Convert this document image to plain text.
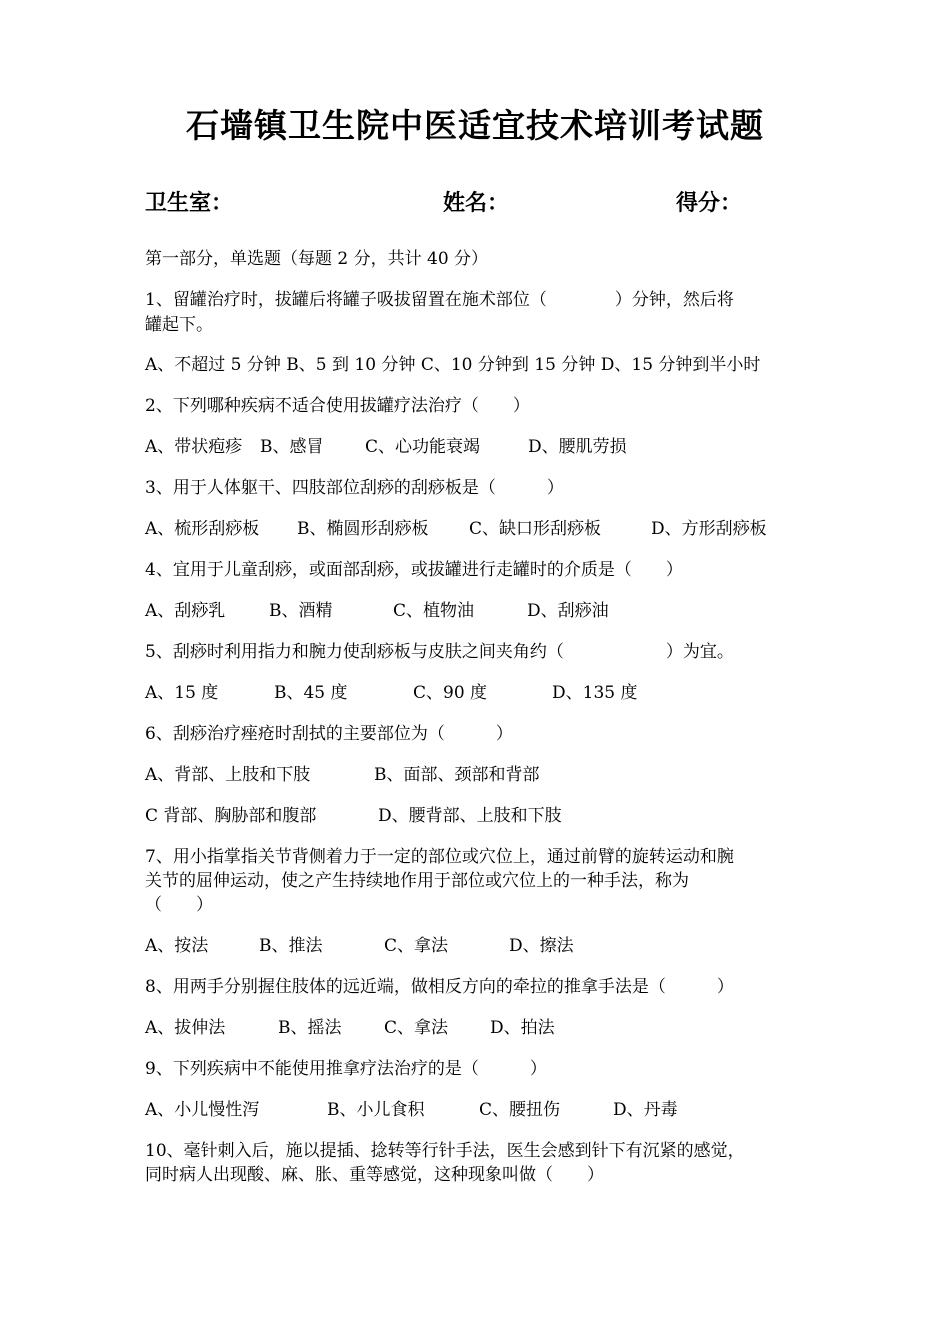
石墙镇卫生院中医适宜技术培训考试题
卫生室：	姓名：	得分：
第一部分，单选题（每题 2 分，共计 40 分）
1、留罐治疗时，拔罐后将罐子吸拔留置在施术部位（　　　　）分钟，然后将
罐起下。
A、不超过 5 分钟 B、5 到 10 分钟 C、10 分钟到 15 分钟 D、15 分钟到半小时
2、下列哪种疾病不适合使用拔罐疗法治疗（　　）
A、带状疱疹 B、感冒 C、心功能衰竭	D、腰肌劳损
3、用于人体躯干、四肢部位刮痧的刮痧板是（　　　）
A、梳形刮痧板 B、椭圆形刮痧板 C、缺口形刮痧板	D、方形刮痧板
4、宜用于儿童刮痧，或面部刮痧，或拔罐进行走罐时的介质是（　　）
A、刮痧乳	B、酒精	C、植物油	D、刮痧油
5、刮痧时利用指力和腕力使刮痧板与皮肤之间夹角约（　　　　　　）为宜。
A、15 度	B、45 度	C、90 度	D、135 度
6、刮痧治疗痤疮时刮拭的主要部位为（　　　）
A、背部、上肢和下肢	B、面部、颈部和背部
C 背部、胸胁部和腹部	D、腰背部、上肢和下肢
7、用小指掌指关节背侧着力于一定的部位或穴位上，通过前臂的旋转运动和腕
关节的屈伸运动，使之产生持续地作用于部位或穴位上的一种手法，称为
（　　）
A、按法	B、推法	C、拿法	D、擦法
8、用两手分别握住肢体的远近端，做相反方向的牵拉的推拿手法是（　　　）
A、拔伸法	B、摇法	C、拿法 D、拍法
9、下列疾病中不能使用推拿疗法治疗的是（　　　）
A、小儿慢性泻	B、小儿食积	C、腰扭伤	D、丹毒
10、毫针刺入后，施以提插、捻转等行针手法，医生会感到针下有沉紧的感觉，
同时病人出现酸、麻、胀、重等感觉，这种现象叫做（　　）
